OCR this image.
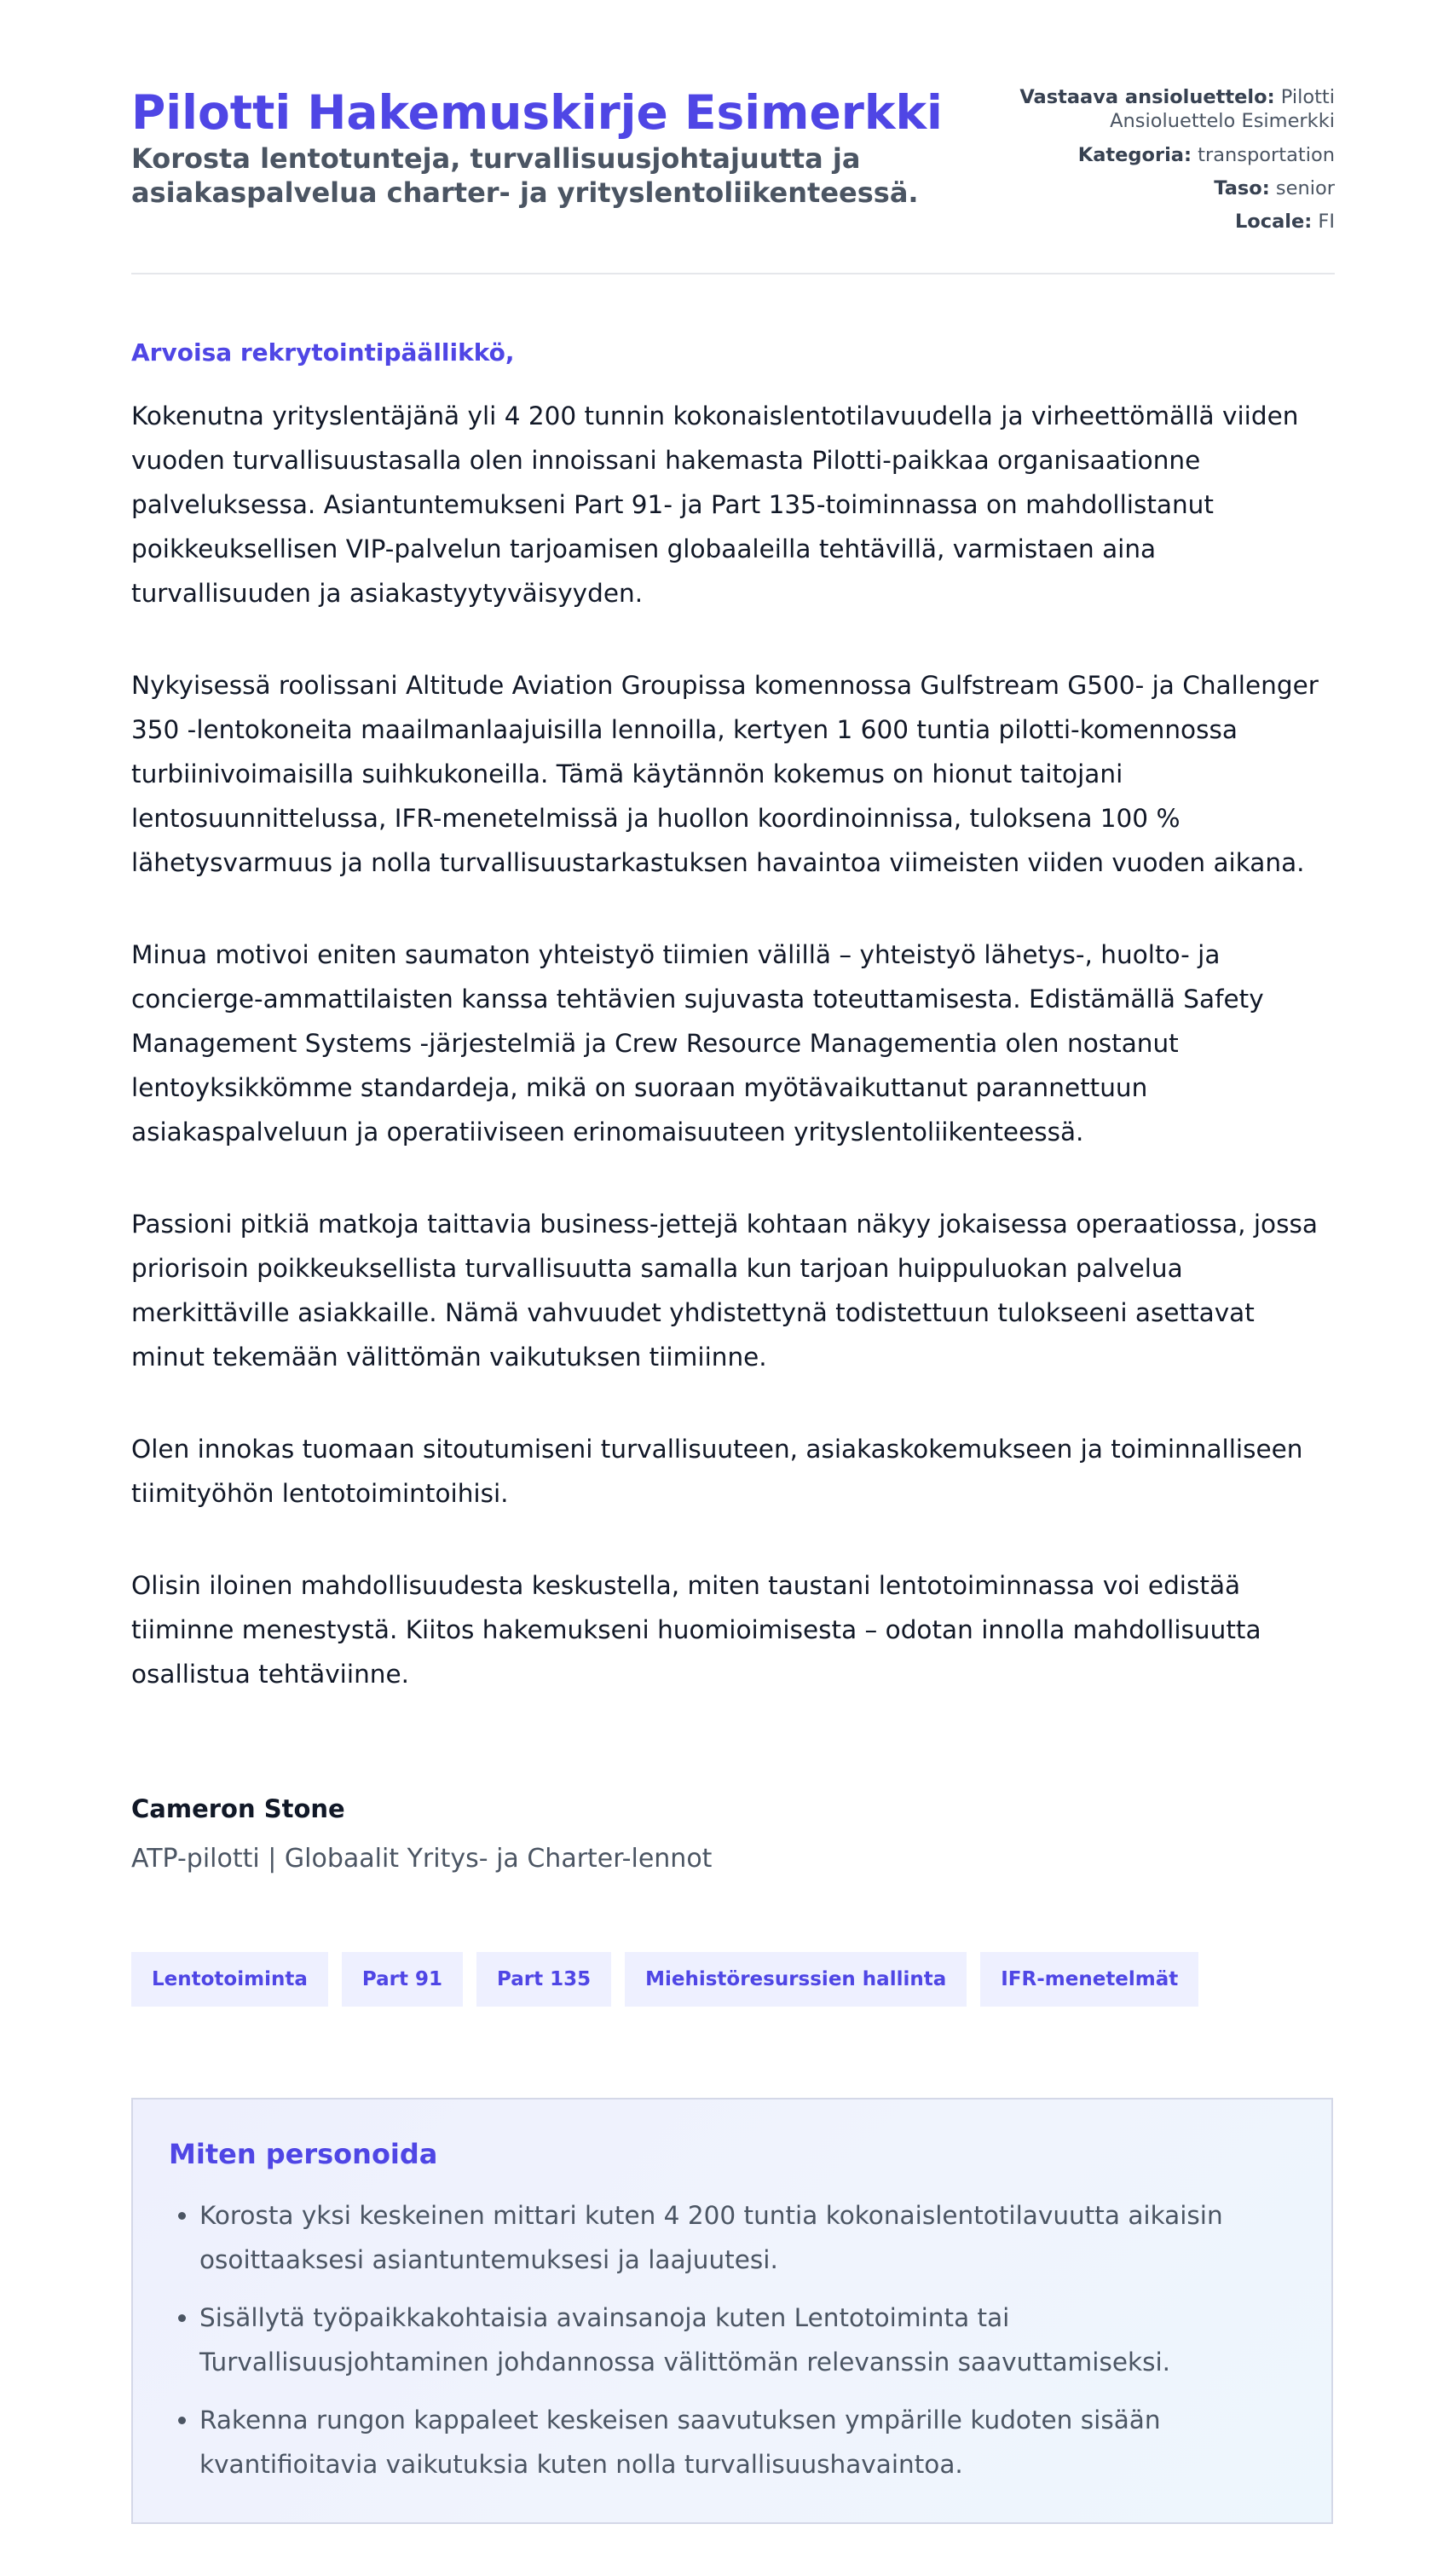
Pilotti Hakemuskirje Esimerkki

Korosta lentotunteja, turvallisuusjohtajuutta ja asiakaspalvelua charter- ja yrityslentoliikenteessä.

Vastaava ansioluettelo: Pilotti Ansioluettelo Esimerkki

Kategoria: transportation

Taso: senior

Locale: FI

Arvoisa rekrytointipäällikkö,

Kokenutna yrityslentäjänä yli 4 200 tunnin kokonaislentotilavuudella ja virheettömällä viiden vuoden turvallisuustasalla olen innoissani hakemasta Pilotti-paikkaa organisaationne palveluksessa. Asiantuntemukseni Part 91- ja Part 135-toiminnassa on mahdollistanut poikkeuksellisen VIP-palvelun tarjoamisen globaaleilla tehtävillä, varmistaen aina turvallisuuden ja asiakastyytyväisyyden.

Nykyisessä roolissani Altitude Aviation Groupissa komennossa Gulfstream G500- ja Challenger 350 -lentokoneita maailmanlaajuisilla lennoilla, kertyen 1 600 tuntia pilotti-komennossa turbiinivoimaisilla suihkukoneilla. Tämä käytännön kokemus on hionut taitojani lentosuunnittelussa, IFR-menetelmissä ja huollon koordinoinnissa, tuloksena 100 % lähetysvarmuus ja nolla turvallisuustarkastuksen havaintoa viimeisten viiden vuoden aikana.

Minua motivoi eniten saumaton yhteistyö tiimien välillä – yhteistyö lähetys-, huolto- ja concierge-ammattilaisten kanssa tehtävien sujuvasta toteuttamisesta. Edistämällä Safety Management Systems -järjestelmiä ja Crew Resource Managementia olen nostanut lentoyksikkömme standardeja, mikä on suoraan myötävaikuttanut parannettuun asiakaspalveluun ja operatiiviseen erinomaisuuteen yrityslentoliikenteessä.

Passioni pitkiä matkoja taittavia business-jettejä kohtaan näkyy jokaisessa operaatiossa, jossa priorisoin poikkeuksellista turvallisuutta samalla kun tarjoan huippuluokan palvelua merkittäville asiakkaille. Nämä vahvuudet yhdistettynä todistettuun tulokseeni asettavat minut tekemään välittömän vaikutuksen tiimiinne.

Olen innokas tuomaan sitoutumiseni turvallisuuteen, asiakaskokemukseen ja toiminnalliseen tiimityöhön lentotoimintoihisi.

Olisin iloinen mahdollisuudesta keskustella, miten taustani lentotoiminnassa voi edistää tiiminne menestystä. Kiitos hakemukseni huomioimisesta – odotan innolla mahdollisuutta osallistua tehtäviinne.

Cameron Stone

ATP-pilotti | Globaalit Yritys- ja Charter-lennot

Lentotoiminta	Part 91	Part 135	Miehistöresurssien hallinta	IFR-menetelmät
Miten personoida
• Korosta yksi keskeinen mittari kuten 4 200 tuntia kokonaislentotilavuutta aikaisin osoittaaksesi asiantuntemuksesi ja laajuutesi.
• Sisällytä työpaikkakohtaisia avainsanoja kuten Lentotoiminta tai Turvallisuusjohtaminen johdannossa välittömän relevanssin saavuttamiseksi.
• Rakenna rungon kappaleet keskeisen saavutuksen ympärille kudoten sisään kvantifioitavia vaikutuksia kuten nolla turvallisuushavaintoa.
